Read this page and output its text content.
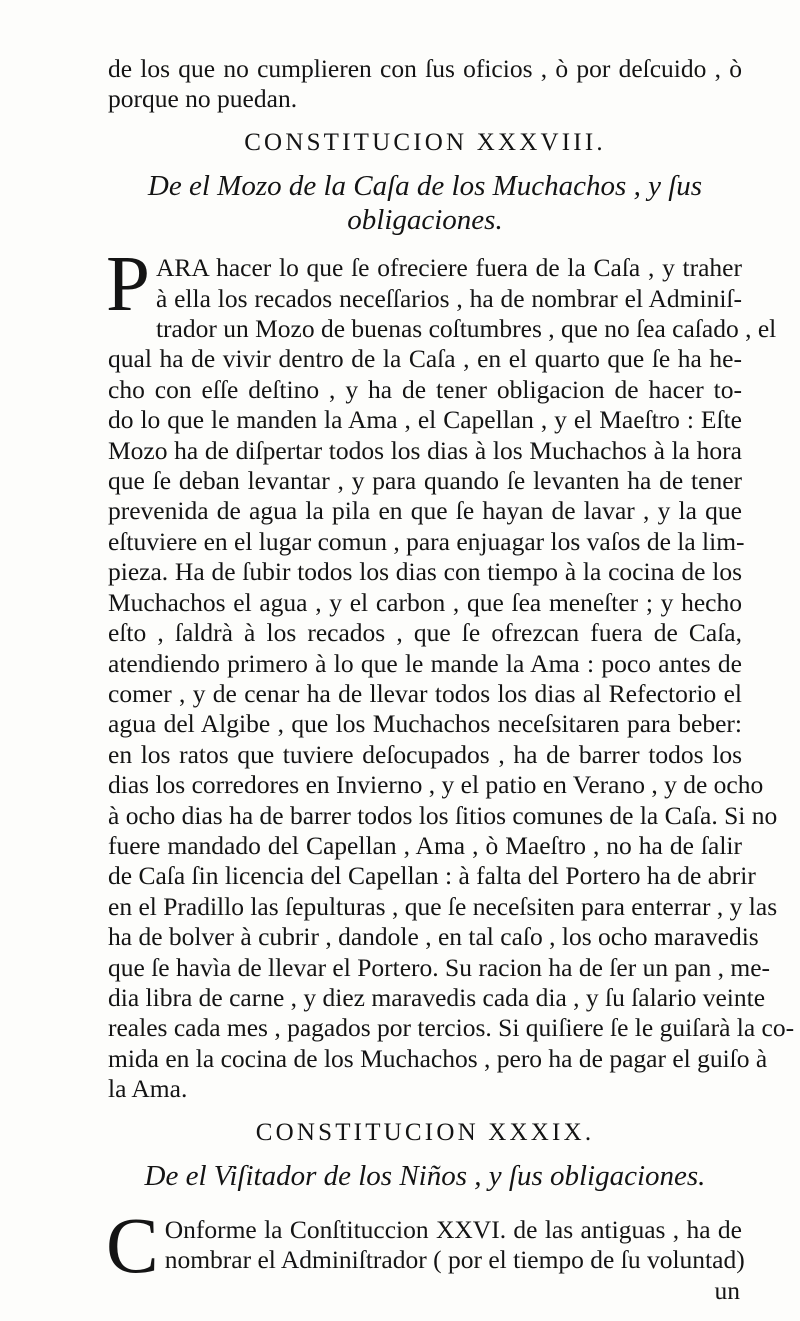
de los que no cumplieren con ſus oficios , ò por deſcuido , ò
porque no puedan.
CONSTITUCION XXXVIII.
De el Mozo de la Caſa de los Muchachos , y ſus
obligaciones.
P ARA hacer lo que ſe ofreciere fuera de la Caſa , y traher
à ella los recados neceſſarios , ha de nombrar el Adminiſ-
trador un Mozo de buenas coſtumbres , que no ſea caſado , el
qual ha de vivir dentro de la Caſa , en el quarto que ſe ha he-
cho con eſſe deſtino , y ha de tener obligacion de hacer to-
do lo que le manden la Ama , el Capellan , y el Maeſtro : Eſte
Mozo ha de diſpertar todos los dias à los Muchachos à la hora
que ſe deban levantar , y para quando ſe levanten ha de tener
prevenida de agua la pila en que ſe hayan de lavar , y la que
eſtuviere en el lugar comun , para enjuagar los vaſos de la lim-
pieza. Ha de ſubir todos los dias con tiempo à la cocina de los
Muchachos el agua , y el carbon , que ſea meneſter ; y hecho
eſto , ſaldrà à los recados , que ſe ofrezcan fuera de Caſa,
atendiendo primero à lo que le mande la Ama : poco antes de
comer , y de cenar ha de llevar todos los dias al Refectorio el
agua del Algibe , que los Muchachos neceſsitaren para beber:
en los ratos que tuviere deſocupados , ha de barrer todos los
dias los corredores en Invierno , y el patio en Verano , y de ocho
à ocho dias ha de barrer todos los ſitios comunes de la Caſa. Si no
fuere mandado del Capellan , Ama , ò Maeſtro , no ha de ſalir
de Caſa ſin licencia del Capellan : à falta del Portero ha de abrir
en el Pradillo las ſepulturas , que ſe neceſsiten para enterrar , y las
ha de bolver à cubrir , dandole , en tal caſo , los ocho maravedis
que ſe havìa de llevar el Portero. Su racion ha de ſer un pan , me-
dia libra de carne , y diez maravedis cada dia , y ſu ſalario veinte
reales cada mes , pagados por tercios. Si quiſiere ſe le guiſarà la co-
mida en la cocina de los Muchachos , pero ha de pagar el guiſo à
la Ama.
CONSTITUCION XXXIX.
De el Viſitador de los Niños , y ſus obligaciones.
C Onforme la Conſtituccion XXVI. de las antiguas , ha de
nombrar el Adminiſtrador ( por el tiempo de ſu voluntad)
un
